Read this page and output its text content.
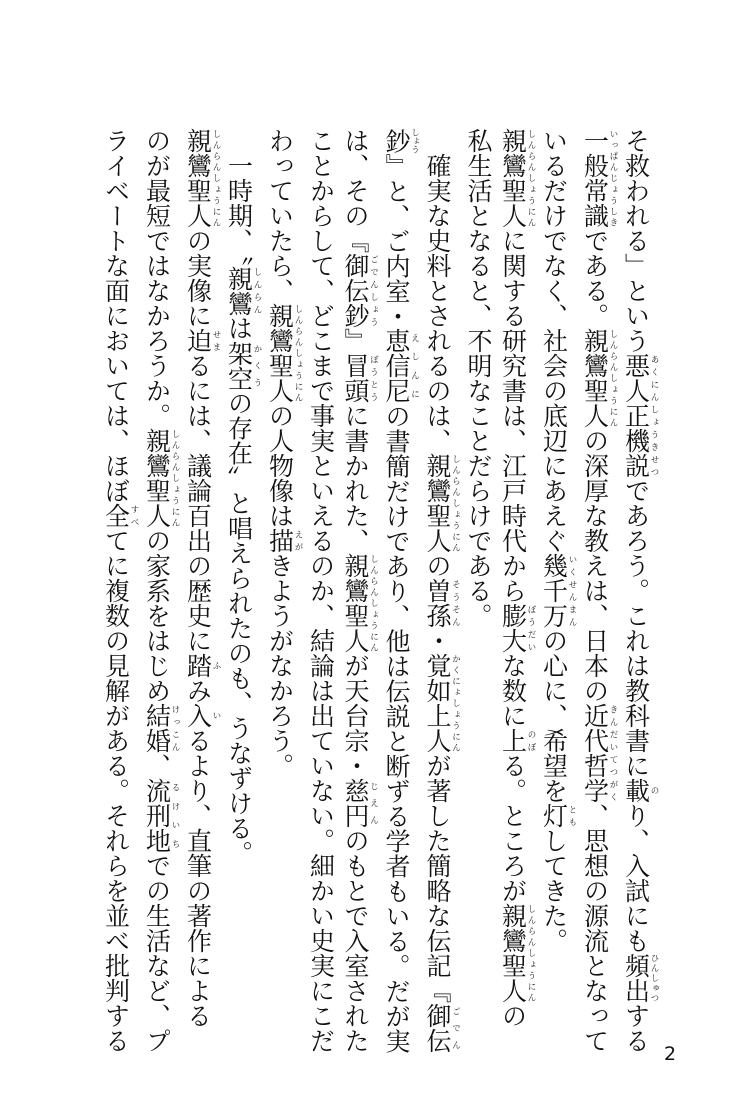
そ救われる」という悪人正機説あくにんしょうきせつであろう。これは教科書に載のり、入試にも頻出ひんしゅつする
一般常識いっぱんじょうしきである。親鸞聖人しんらんしょうにんの深厚な教えは、日本の近代哲学きんだいてつがく、思想の源流となって
いるだけでなく、社会の底辺にあえぐ幾千万いくせんまんの心に、希望を灯ともしてきた。
親鸞聖人しんらんしょうにんに関する研究書は、江戸時代から膨大ぼうだいな数に上のぼる。ところが親鸞聖人しんらんしょうにんの
私生活となると、不明なことだらけである。
　確実な史料とされるのは、親鸞聖人しんらんしょうにんの曽孫そうそん・覚如上人かくにょしょうにんが著した簡略な伝記『御伝ごでん
鈔しょう』と、ご内室・恵信尼えしんにの書簡だけであり、他は伝説と断ずる学者もいる。だが実
は、その『御伝鈔ごでんしょう』冒頭ぼうとうに書かれた、親鸞聖人しんらんしょうにんが天台宗・慈円じえんのもとで入室された
ことからして、どこまで事実といえるのか、結論は出ていない。細かい史実にこだ
わっていたら、親鸞聖人しんらんしょうにんの人物像は描えがきようがなかろう。
　一時期、〝親鸞しんらんは架空かくうの存在〟と唱えられたのも、うなずける。
親鸞聖人しんらんしょうにんの実像に迫せまるには、議論百出の歴史に踏ふみ入いるより、直筆の著作による
のが最短ではなかろうか。親鸞聖人しんらんしょうにんの家系をはじめ結婚けっこん、流刑地るけいちでの生活など、プ
ライベートな面においては、ほぼ全すべてに複数の見解がある。それらを並べ批判する
2
